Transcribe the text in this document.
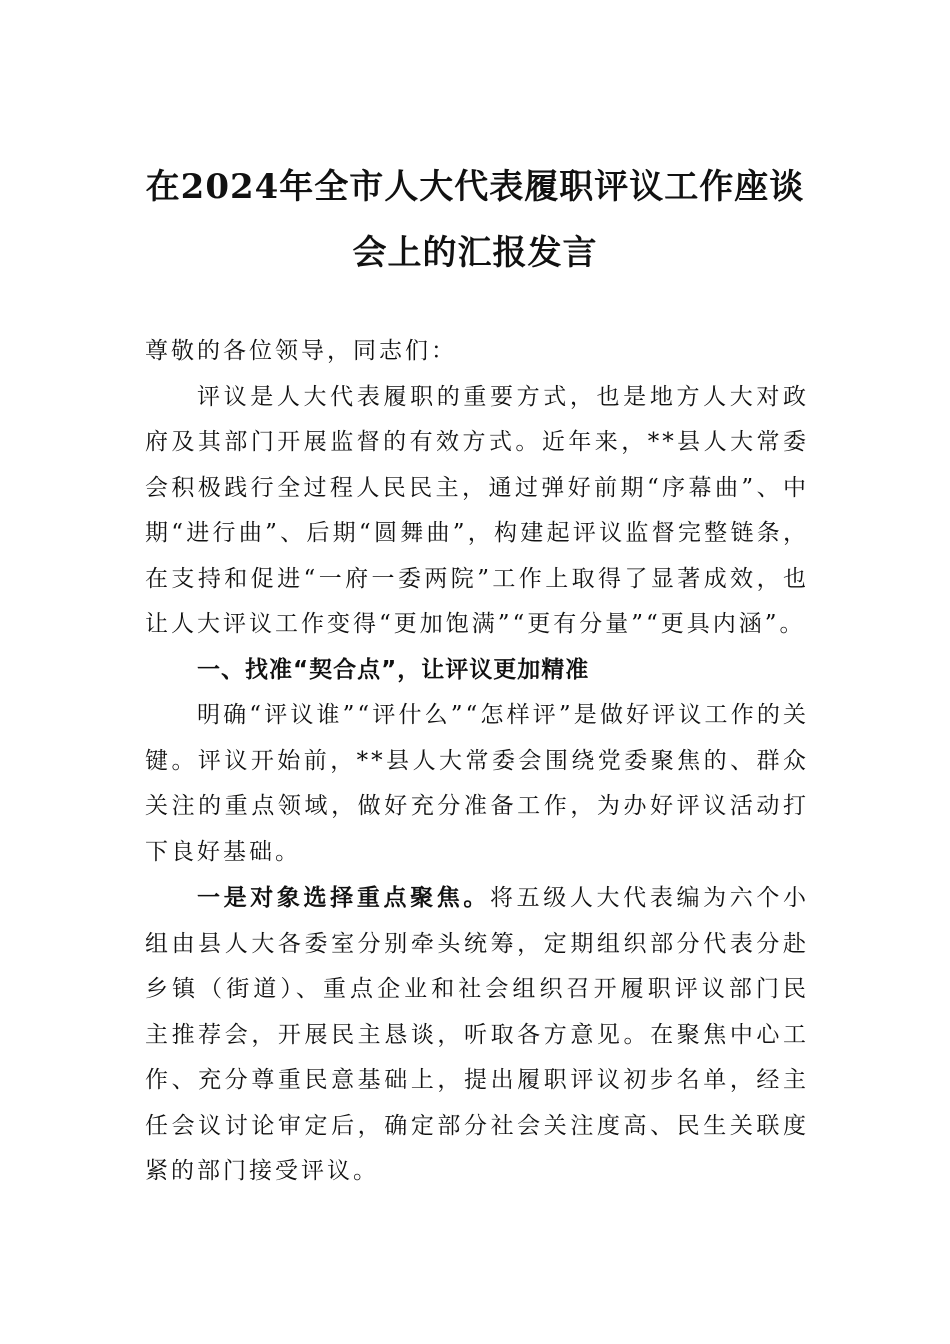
在2024年全市人大代表履职评议工作座谈
会上的汇报发言

尊敬的各位领导，同志们：

评议是人大代表履职的重要方式，也是地方人大对政府及其部门开展监督的有效方式。近年来，**县人大常委会积极践行全过程人民民主，通过弹好前期“序幕曲”、中期“进行曲”、后期“圆舞曲”，构建起评议监督完整链条，在支持和促进“一府一委两院”工作上取得了显著成效，也让人大评议工作变得“更加饱满”“更有分量”“更具内涵”。

一、找准“契合点”，让评议更加精准

明确“评议谁”“评什么”“怎样评”是做好评议工作的关键。评议开始前，**县人大常委会围绕党委聚焦的、群众关注的重点领域，做好充分准备工作，为办好评议活动打下良好基础。

一是对象选择重点聚焦。将五级人大代表编为六个小组由县人大各委室分别牵头统筹，定期组织部分代表分赴乡镇（街道）、重点企业和社会组织召开履职评议部门民主推荐会，开展民主恳谈，听取各方意见。在聚焦中心工作、充分尊重民意基础上，提出履职评议初步名单，经主任会议讨论审定后，确定部分社会关注度高、民生关联度紧的部门接受评议。
